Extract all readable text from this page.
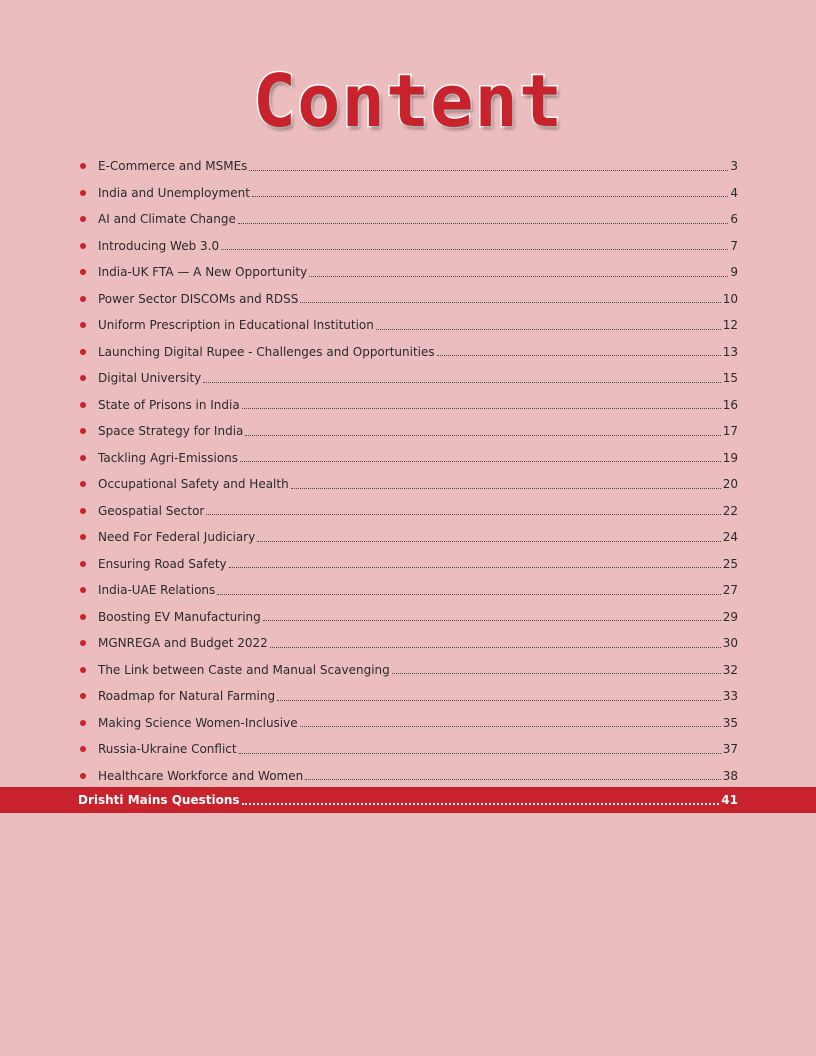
Content
E-Commerce and MSMEs	3
India and Unemployment	4
AI and Climate Change	6
Introducing Web 3.0	7
India-UK FTA — A New Opportunity	9
Power Sector DISCOMs and RDSS	10
Uniform Prescription in Educational Institution	12
Launching Digital Rupee - Challenges and Opportunities	13
Digital University	15
State of Prisons in India	16
Space Strategy for India	17
Tackling Agri-Emissions	19
Occupational Safety and Health	20
Geospatial Sector	22
Need For Federal Judiciary	24
Ensuring Road Safety	25
India-UAE Relations	27
Boosting EV Manufacturing	29
MGNREGA and Budget 2022	30
The Link between Caste and Manual Scavenging	32
Roadmap for Natural Farming	33
Making Science Women-Inclusive	35
Russia-Ukraine Conflict	37
Healthcare Workforce and Women	38
Drishti Mains Questions	41
